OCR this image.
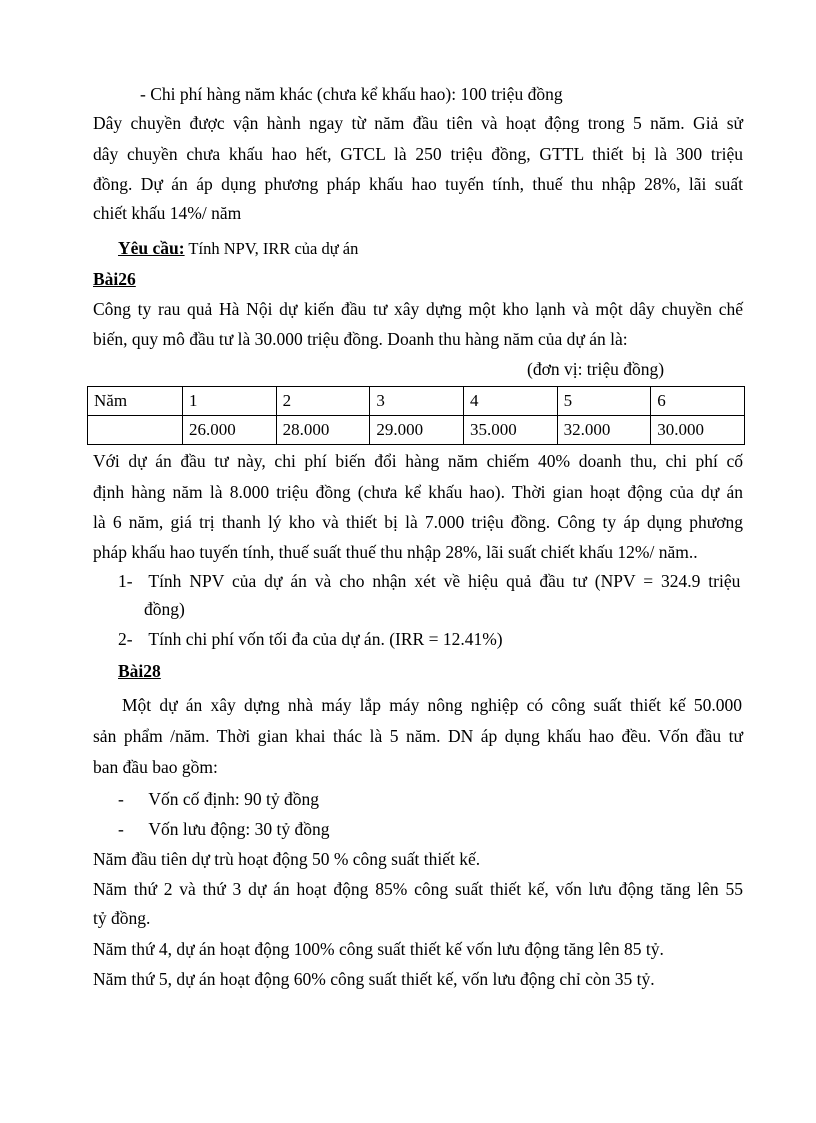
- Chi phí hàng năm khác (chưa kể khấu hao): 100 triệu đồng
Dây chuyền được vận hành ngay từ năm đầu tiên và hoạt động trong 5 năm. Giả sử
dây chuyền chưa khấu hao hết, GTCL là 250 triệu đồng, GTTL thiết bị là 300 triệu
đồng. Dự án áp dụng phương pháp khấu hao tuyến tính, thuế thu nhập 28%, lãi suất
chiết khấu 14%/ năm
Yêu cầu: Tính NPV, IRR của dự án
Bài26
Công ty rau quả Hà Nội dự kiến đầu tư xây dựng một kho lạnh và một dây chuyền chế
biến, quy mô đầu tư là 30.000 triệu đồng. Doanh thu hàng năm của dự án là:
(đơn vị: triệu đồng)
Năm	1	2	3	4	5	6
	26.000	28.000	29.000	35.000	32.000	30.000
Với dự án đầu tư này, chi phí biến đổi hàng năm chiếm 40% doanh thu, chi phí cố
định hàng năm là 8.000 triệu đồng (chưa kể khấu hao). Thời gian hoạt động của dự án
là 6 năm, giá trị thanh lý kho và thiết bị là 7.000 triệu đồng. Công ty áp dụng phương
pháp khấu hao tuyến tính, thuế suất thuế thu nhập 28%, lãi suất chiết khấu 12%/ năm..
1- Tính NPV của dự án và cho nhận xét về hiệu quả đầu tư (NPV = 324.9 triệu
đồng)
2- Tính chi phí vốn tối đa của dự án. (IRR = 12.41%)
Bài28
Một dự án xây dựng nhà máy lắp máy nông nghiệp có công suất thiết kế 50.000
sản phẩm /năm. Thời gian khai thác là 5 năm. DN áp dụng khấu hao đều. Vốn đầu tư
ban đầu bao gồm:
- Vốn cố định: 90 tỷ đồng
- Vốn lưu động: 30 tỷ đồng
Năm đầu tiên dự trù hoạt động 50 % công suất thiết kế.
Năm thứ 2 và thứ 3 dự án hoạt động 85% công suất thiết kế, vốn lưu động tăng lên 55
tỷ đồng.
Năm thứ 4, dự án hoạt động 100% công suất thiết kế vốn lưu động tăng lên 85 tỷ.
Năm thứ 5, dự án hoạt động 60% công suất thiết kế, vốn lưu động chỉ còn 35 tỷ.
